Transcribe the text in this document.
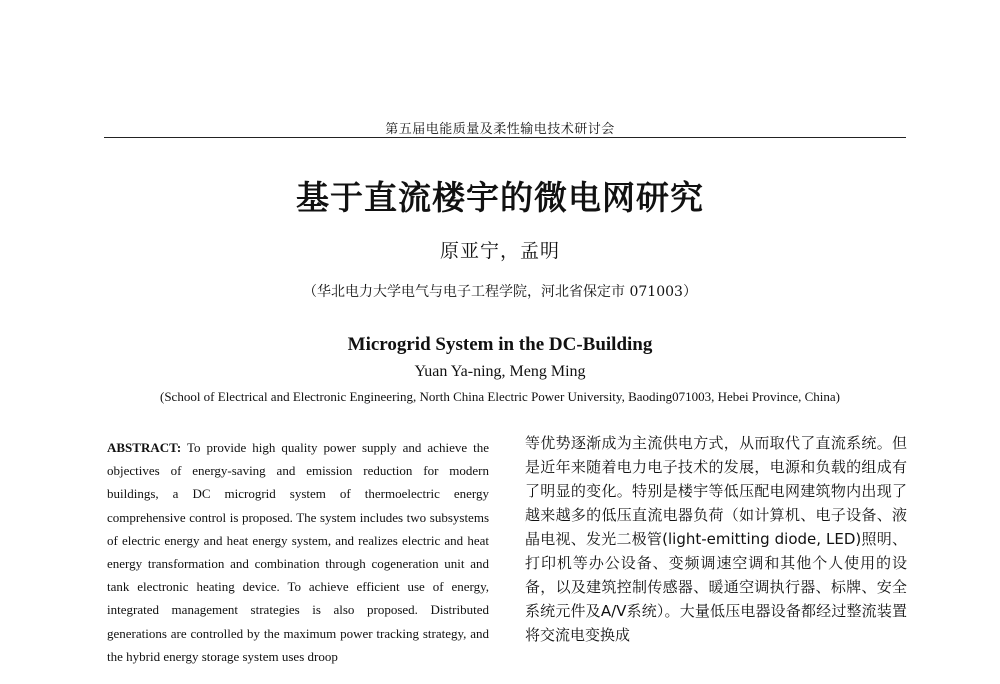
第五届电能质量及柔性输电技术研讨会
基于直流楼宇的微电网研究
原亚宁，孟明
（华北电力大学电气与电子工程学院，河北省保定市 071003）
Microgrid System in the DC-Building
Yuan Ya-ning, Meng Ming
(School of Electrical and Electronic Engineering, North China Electric Power University, Baoding071003, Hebei Province, China)
ABSTRACT: To provide high quality power supply and achieve the objectives of energy-saving and emission reduction for modern buildings, a DC microgrid system of thermoelectric energy comprehensive control is proposed. The system includes two subsystems of electric energy and heat energy system, and realizes electric and heat energy transformation and combination through cogeneration unit and tank electronic heating device. To achieve efficient use of energy, integrated management strategies is also proposed. Distributed generations are controlled by the maximum power tracking strategy, and the hybrid energy storage system uses droop
等优势逐渐成为主流供电方式，从而取代了直流系统。但是近年来随着电力电子技术的发展，电源和负载的组成有了明显的变化。特别是楼宇等低压配电网建筑物内出现了越来越多的低压直流电器负荷（如计算机、电子设备、液晶电视、发光二极管(light-emitting diode, LED)照明、打印机等办公设备、变频调速空调和其他个人使用的设备，以及建筑控制传感器、暖通空调执行器、标牌、安全系统元件及A/V系统）。大量低压电器设备都经过整流装置将交流电变换成
